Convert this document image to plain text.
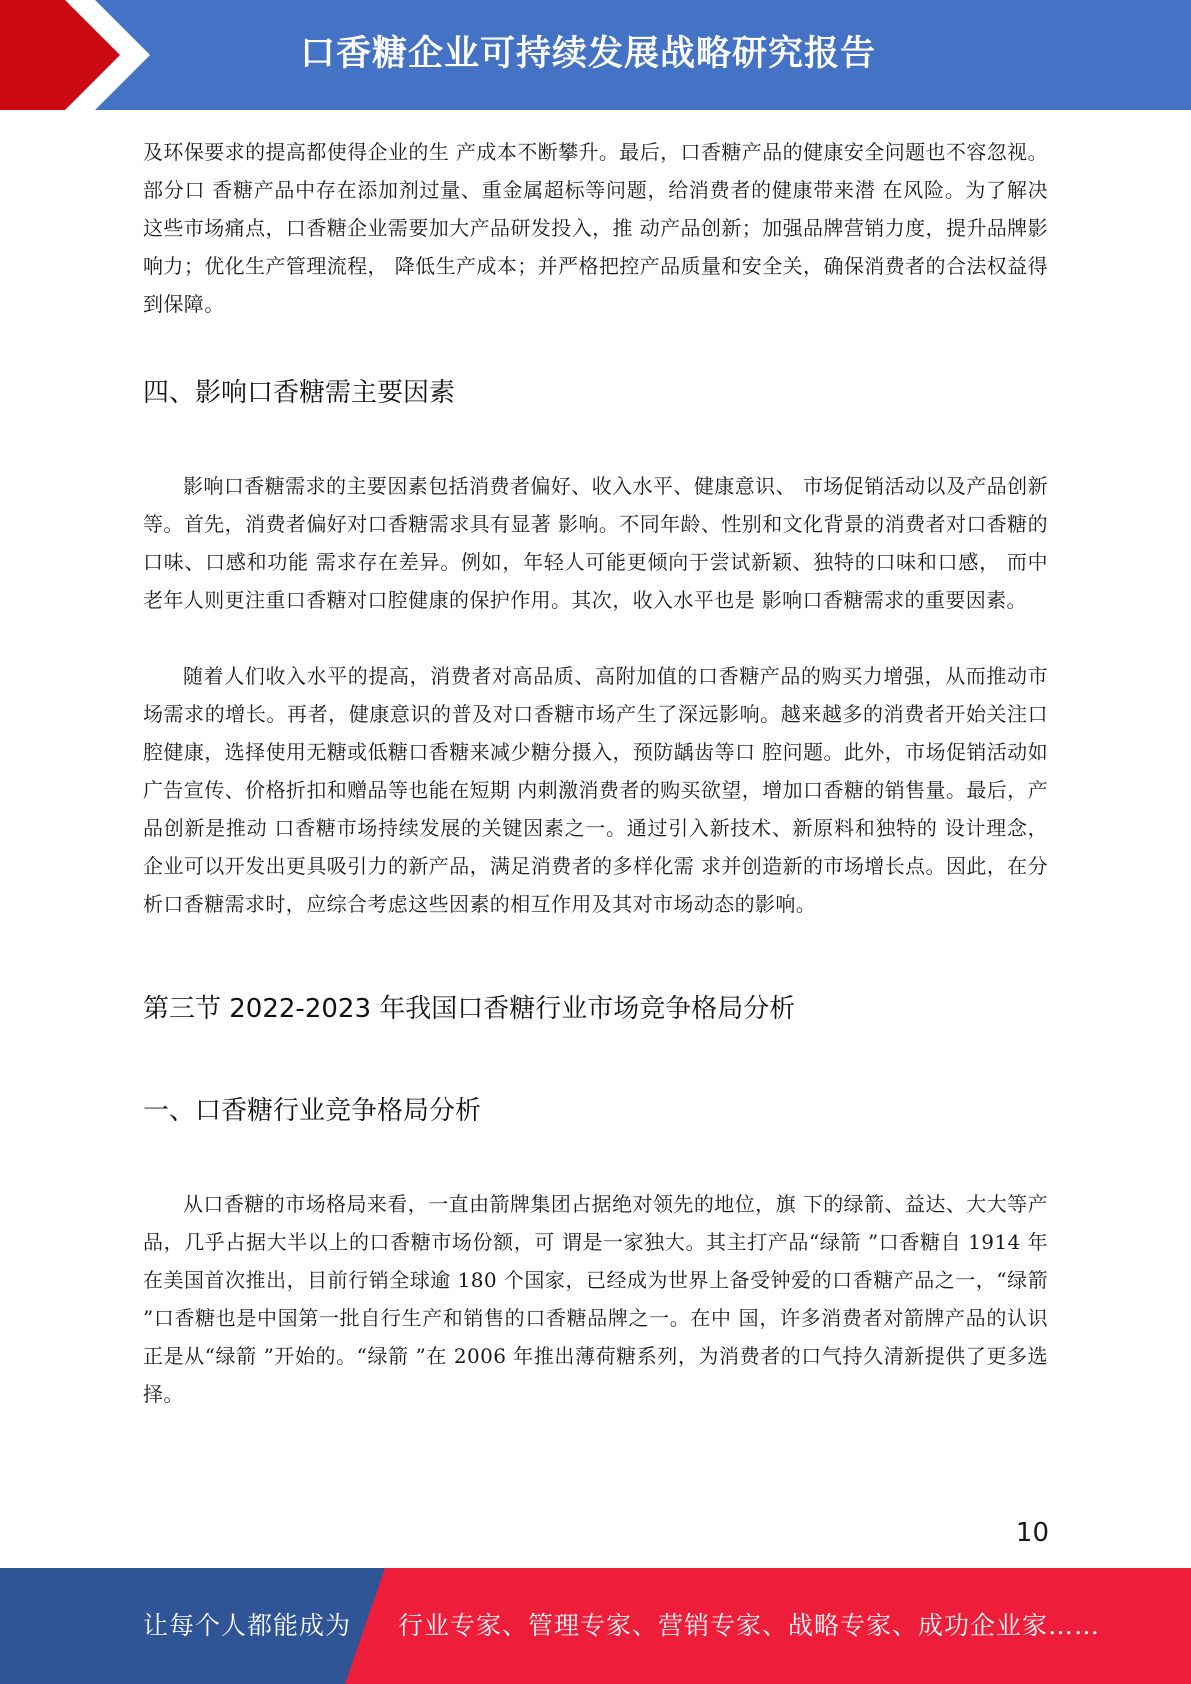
口香糖企业可持续发展战略研究报告

及环保要求的提高都使得企业的生 产成本不断攀升。最后，口香糖产品的健康安全问题也不容忽视。部分口 香糖产品中存在添加剂过量、重金属超标等问题，给消费者的健康带来潜 在风险。为了解决这些市场痛点，口香糖企业需要加大产品研发投入，推 动产品创新；加强品牌营销力度，提升品牌影响力；优化生产管理流程， 降低生产成本；并严格把控产品质量和安全关，确保消费者的合法权益得到保障。

四、影响口香糖需主要因素

影响口香糖需求的主要因素包括消费者偏好、收入水平、健康意识、 市场促销活动以及产品创新等。首先，消费者偏好对口香糖需求具有显著 影响。不同年龄、性别和文化背景的消费者对口香糖的口味、口感和功能 需求存在差异。例如，年轻人可能更倾向于尝试新颖、独特的口味和口感， 而中老年人则更注重口香糖对口腔健康的保护作用。其次，收入水平也是 影响口香糖需求的重要因素。

随着人们收入水平的提高，消费者对高品质、高附加值的口香糖产品的购买力增强，从而推动市场需求的增长。再者，健康意识的普及对口香糖市场产生了深远影响。越来越多的消费者开始关注口腔健康，选择使用无糖或低糖口香糖来减少糖分摄入，预防龋齿等口 腔问题。此外，市场促销活动如广告宣传、价格折扣和赠品等也能在短期 内刺激消费者的购买欲望，增加口香糖的销售量。最后，产品创新是推动 口香糖市场持续发展的关键因素之一。通过引入新技术、新原料和独特的 设计理念，企业可以开发出更具吸引力的新产品，满足消费者的多样化需 求并创造新的市场增长点。因此，在分析口香糖需求时，应综合考虑这些因素的相互作用及其对市场动态的影响。

第三节 2022-2023 年我国口香糖行业市场竞争格局分析
一、口香糖行业竞争格局分析

从口香糖的市场格局来看，一直由箭牌集团占据绝对领先的地位，旗 下的绿箭、益达、大大等产品，几乎占据大半以上的口香糖市场份额，可 谓是一家独大。其主打产品“绿箭 ”口香糖自 1914 年在美国首次推出，目前行销全球逾 180 个国家，已经成为世界上备受钟爱的口香糖产品之一，“绿箭 ”口香糖也是中国第一批自行生产和销售的口香糖品牌之一。在中 国，许多消费者对箭牌产品的认识正是从“绿箭 ”开始的。“绿箭 ”在 2006 年推出薄荷糖系列，为消费者的口气持久清新提供了更多选择。

10
让每个人都能成为 行业专家、管理专家、营销专家、战略专家、成功企业家……
